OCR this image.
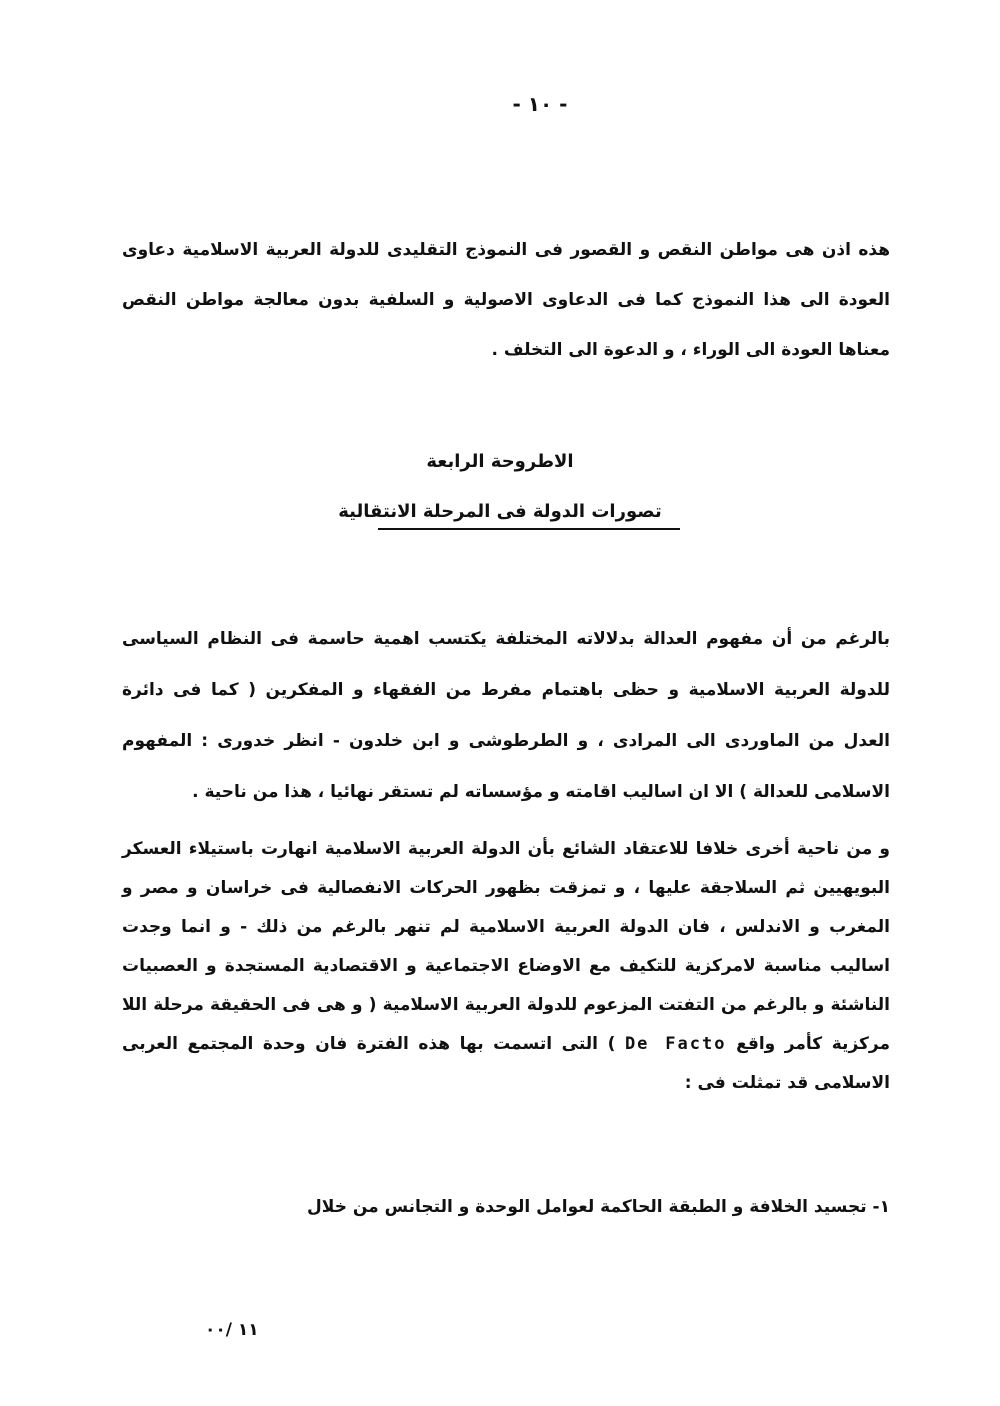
- ١٠ -

هذه اذن هى مواطن النقص و القصور فى النموذج التقليدى للدولة العربية الاسلامية دعاوى العودة الى هذا النموذج كما فى الدعاوى الاصولية و السلفية بدون معالجة مواطن النقص معناها العودة الى الوراء ، و الدعوة الى التخلف .

الاطروحة الرابعة
تصورات الدولة فى المرحلة الانتقالية

بالرغم من أن مفهوم العدالة بدلالاته المختلفة يكتسب اهمية حاسمة فى النظام السياسى للدولة العربية الاسلامية و حظى باهتمام مفرط من الفقهاء و المفكرين ( كما فى دائرة العدل من الماوردى الى المرادى ، و الطرطوشى و ابن خلدون - انظر خدورى : المفهوم الاسلامى للعدالة ) الا ان اساليب اقامته و مؤسساته لم تستقر نهائيا ، هذا من ناحية .

و من ناحية أخرى خلافا للاعتقاد الشائع بأن الدولة العربية الاسلامية انهارت باستيلاء العسكر البويهيين ثم السلاجقة عليها ، و تمزقت بظهور الحركات الانفصالية فى خراسان و مصر و المغرب و الاندلس ، فان الدولة العربية الاسلامية لم تنهر بالرغم من ذلك - و انما وجدت اساليب مناسبة لامركزية للتكيف مع الاوضاع الاجتماعية و الاقتصادية المستجدة و العصبيات الناشئة و بالرغم من التفتت المزعوم للدولة العربية الاسلامية ( و هى فى الحقيقة مرحلة اللا مركزية كأمر واقع De Facto ) التى اتسمت بها هذه الفترة فان وحدة المجتمع العربى الاسلامى قد تمثلت فى :

١- تجسيد الخلافة و الطبقة الحاكمة لعوامل الوحدة و التجانس من خلال
١١ /٠٠
